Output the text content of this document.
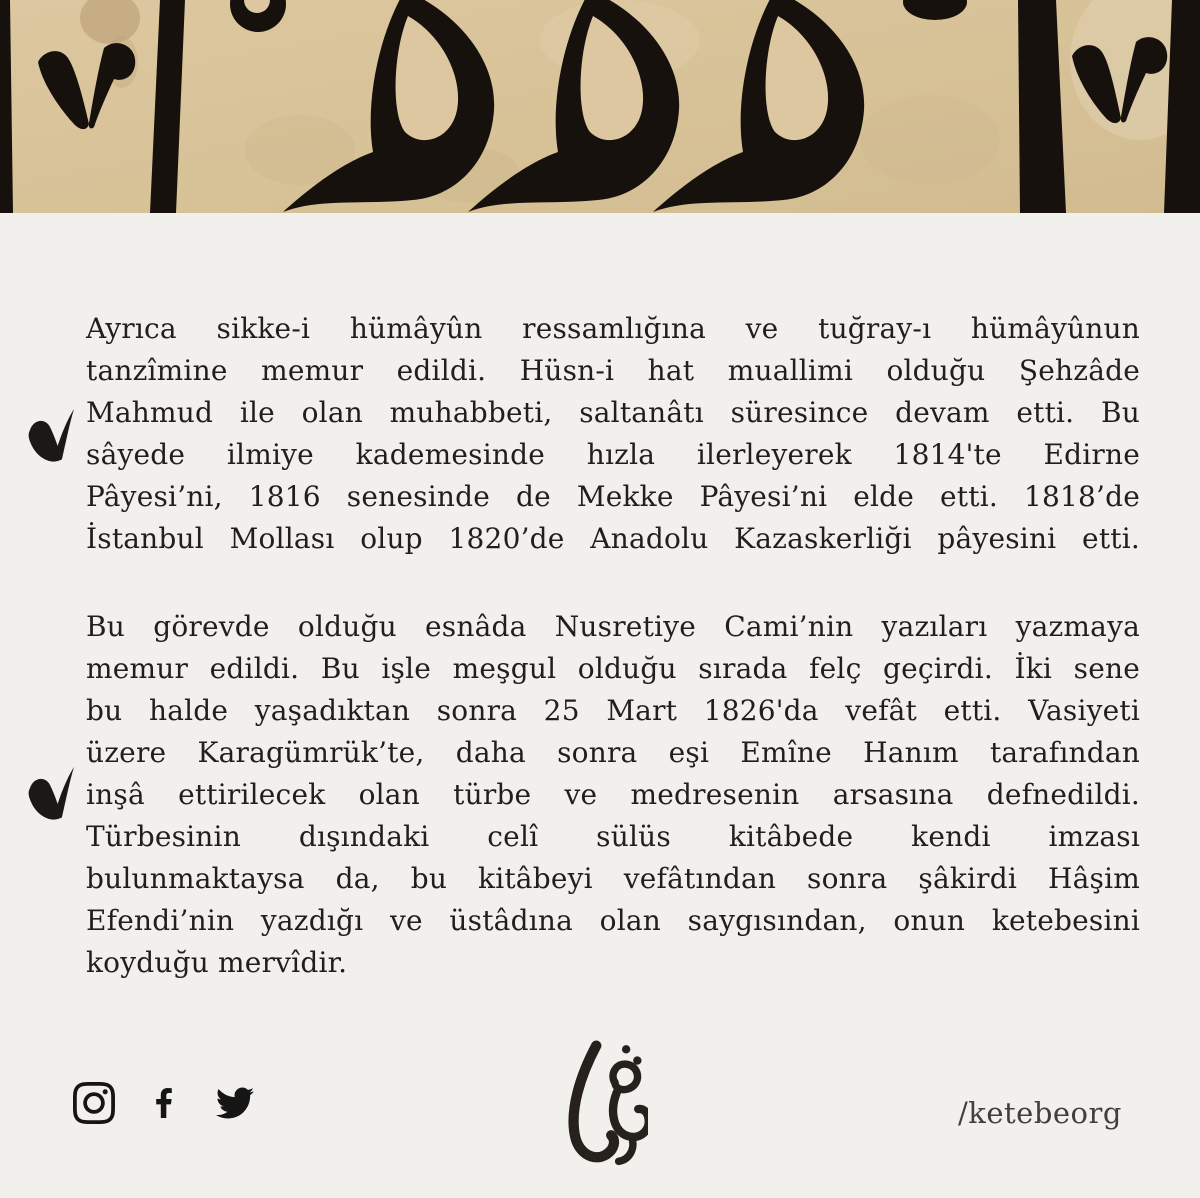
Ayrıca sikke-i hümâyûn ressamlığına ve tuğray-ı hümâyûnun
tanzîmine memur edildi. Hüsn-i hat muallimi olduğu Şehzâde
Mahmud ile olan muhabbeti, saltanâtı süresince devam etti. Bu
sâyede ilmiye kademesinde hızla ilerleyerek 1814'te Edirne
Pâyesi’ni, 1816 senesinde de Mekke Pâyesi’ni elde etti. 1818’de
İstanbul Mollası olup 1820’de Anadolu Kazaskerliği pâyesini etti.
Bu görevde olduğu esnâda Nusretiye Cami’nin yazıları yazmaya
memur edildi. Bu işle meşgul olduğu sırada felç geçirdi. İki sene
bu halde yaşadıktan sonra 25 Mart 1826'da vefât etti. Vasiyeti
üzere Karagümrük’te, daha sonra eşi Emîne Hanım tarafından
inşâ ettirilecek olan türbe ve medresenin arsasına defnedildi.
Türbesinin dışındaki celî sülüs kitâbede kendi imzası
bulunmaktaysa da, bu kitâbeyi vefâtından sonra şâkirdi Hâşim
Efendi’nin yazdığı ve üstâdına olan saygısından, onun ketebesini
koyduğu mervîdir.
/ketebeorg
